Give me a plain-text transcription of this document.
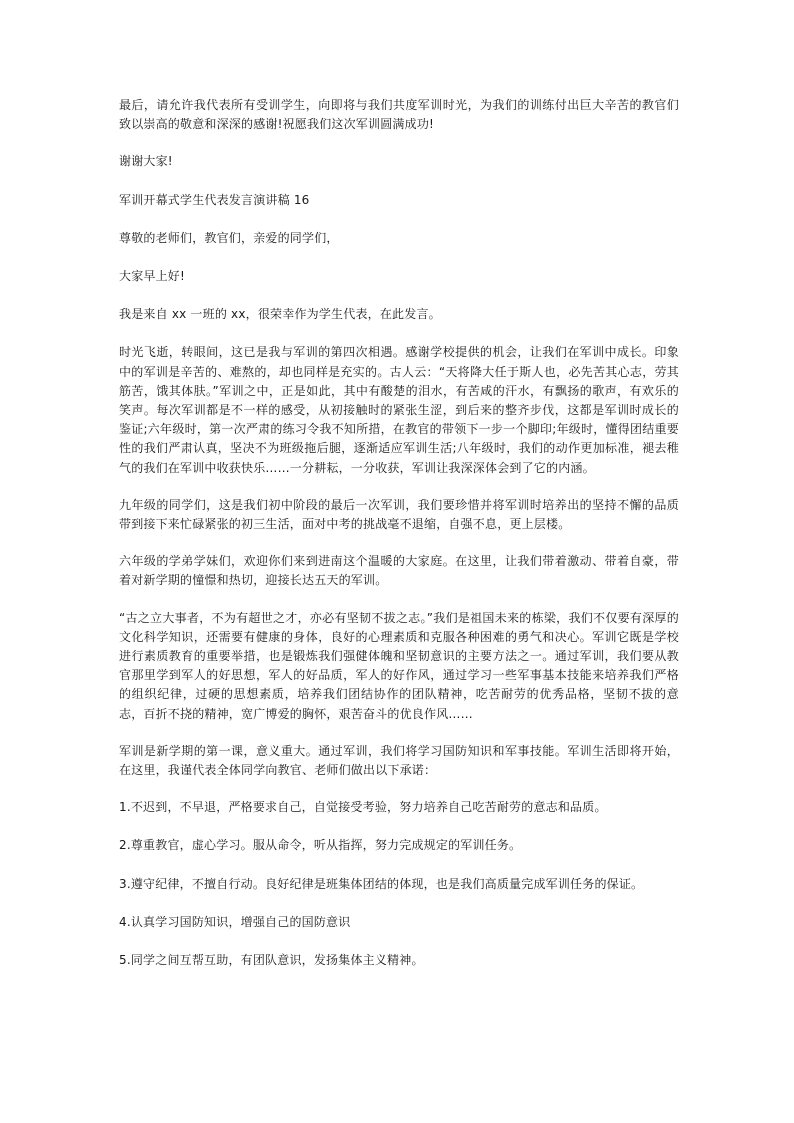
最后，请允许我代表所有受训学生，向即将与我们共度军训时光，为我们的训练付出巨大辛苦的教官们致以崇高的敬意和深深的感谢!祝愿我们这次军训圆满成功!

谢谢大家!

军训开幕式学生代表发言演讲稿 16

尊敬的老师们，教官们，亲爱的同学们，

大家早上好!

我是来自 xx 一班的 xx，很荣幸作为学生代表，在此发言。

时光飞逝，转眼间，这已是我与军训的第四次相遇。感谢学校提供的机会，让我们在军训中成长。印象中的军训是辛苦的、难熬的，却也同样是充实的。古人云：“天将降大任于斯人也，必先苦其心志，劳其筋苦，饿其体肤。”军训之中，正是如此，其中有酸楚的泪水，有苦咸的汗水，有飘扬的歌声，有欢乐的笑声。每次军训都是不一样的感受，从初接触时的紧张生涩，到后来的整齐步伐，这都是军训时成长的鉴证;六年级时，第一次严肃的练习令我不知所措，在教官的带领下一步一个脚印;年级时，懂得团结重要性的我们严肃认真，坚决不为班级拖后腿，逐渐适应军训生活;八年级时，我们的动作更加标准，褪去稚气的我们在军训中收获快乐……一分耕耘，一分收获，军训让我深深体会到了它的内涵。

九年级的同学们，这是我们初中阶段的最后一次军训，我们要珍惜并将军训时培养出的坚持不懈的品质带到接下来忙碌紧张的初三生活，面对中考的挑战毫不退缩，自强不息，更上层楼。

六年级的学弟学妹们，欢迎你们来到进南这个温暖的大家庭。在这里，让我们带着激动、带着自豪，带着对新学期的憧憬和热切，迎接长达五天的军训。

“古之立大事者，不为有超世之才，亦必有坚韧不拔之志。”我们是祖国未来的栋梁，我们不仅要有深厚的文化科学知识，还需要有健康的身体，良好的心理素质和克服各种困难的勇气和决心。军训它既是学校进行素质教育的重要举措，也是锻炼我们强健体魄和坚韧意识的主要方法之一。通过军训，我们要从教官那里学到军人的好思想，军人的好品质，军人的好作风，通过学习一些军事基本技能来培养我们严格的组织纪律，过硬的思想素质，培养我们团结协作的团队精神，吃苦耐劳的优秀品格，坚韧不拔的意志，百折不挠的精神，宽广博爱的胸怀，艰苦奋斗的优良作风……

军训是新学期的第一课，意义重大。通过军训，我们将学习国防知识和军事技能。军训生活即将开始，在这里，我谨代表全体同学向教官、老师们做出以下承诺：

1.不迟到，不早退，严格要求自己，自觉接受考验，努力培养自己吃苦耐劳的意志和品质。

2.尊重教官，虚心学习。服从命令，听从指挥，努力完成规定的军训任务。

3.遵守纪律，不擅自行动。良好纪律是班集体团结的体现，也是我们高质量完成军训任务的保证。

4.认真学习国防知识，增强自己的国防意识

5.同学之间互帮互助，有团队意识，发扬集体主义精神。
